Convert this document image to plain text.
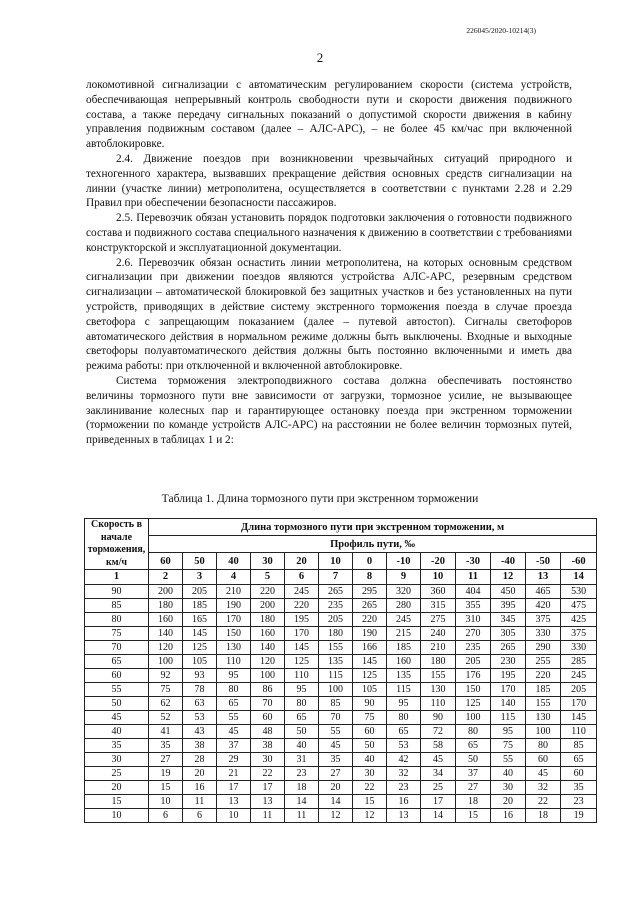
226045/2020-10214(3)
2

локомотивной сигнализации с автоматическим регулированием скорости (система устройств, обеспечивающая непрерывный контроль свободности пути и скорости движения подвижного состава, а также передачу сигнальных показаний о допустимой скорости движения в кабину управления подвижным составом (далее – АЛС-АРС), – не более 45 км/час при включенной автоблокировке.

2.4. Движение поездов при возникновении чрезвычайных ситуаций природного и техногенного характера, вызвавших прекращение действия основных средств сигнализации на линии (участке линии) метрополитена, осуществляется в соответствии с пунктами 2.28 и 2.29 Правил при обеспечении безопасности пассажиров.

2.5. Перевозчик обязан установить порядок подготовки заключения о готовности подвижного состава и подвижного состава специального назначения к движению в соответствии с требованиями конструкторской и эксплуатационной документации.

2.6. Перевозчик обязан оснастить линии метрополитена, на которых основным средством сигнализации при движении поездов являются устройства АЛС-АРС, резервным средством сигнализации – автоматической блокировкой без защитных участков и без установленных на пути устройств, приводящих в действие систему экстренного торможения поезда в случае проезда светофора с запрещающим показанием (далее – путевой автостоп). Сигналы светофоров автоматического действия в нормальном режиме должны быть выключены. Входные и выходные светофоры полуавтоматического действия должны быть постоянно включенными и иметь два режима работы: при отключенной и включенной автоблокировке.

Система торможения электроподвижного состава должна обеспечивать постоянство величины тормозного пути вне зависимости от загрузки, тормозное усилие, не вызывающее заклинивание колесных пар и гарантирующее остановку поезда при экстренном торможении (торможении по команде устройств АЛС-АРС) на расстоянии не более величин тормозных путей, приведенных в таблицах 1 и 2:

Таблица 1. Длина тормозного пути при экстренном торможении
Скорость в начале торможения, км/ч	Длина тормозного пути при экстренном торможении, м												
	Профиль пути, ‰												
	60	50	40	30	20	10	0	-10	-20	-30	-40	-50	-60
1	2	3	4	5	6	7	8	9	10	11	12	13	14
90	200	205	210	220	245	265	295	320	360	404	450	465	530
85	180	185	190	200	220	235	265	280	315	355	395	420	475
80	160	165	170	180	195	205	220	245	275	310	345	375	425
75	140	145	150	160	170	180	190	215	240	270	305	330	375
70	120	125	130	140	145	155	166	185	210	235	265	290	330
65	100	105	110	120	125	135	145	160	180	205	230	255	285
60	92	93	95	100	110	115	125	135	155	176	195	220	245
55	75	78	80	86	95	100	105	115	130	150	170	185	205
50	62	63	65	70	80	85	90	95	110	125	140	155	170
45	52	53	55	60	65	70	75	80	90	100	115	130	145
40	41	43	45	48	50	55	60	65	72	80	95	100	110
35	35	38	37	38	40	45	50	53	58	65	75	80	85
30	27	28	29	30	31	35	40	42	45	50	55	60	65
25	19	20	21	22	23	27	30	32	34	37	40	45	60
20	15	16	17	17	18	20	22	23	25	27	30	32	35
15	10	11	13	13	14	14	15	16	17	18	20	22	23
10	6	6	10	11	11	12	12	13	14	15	16	18	19
